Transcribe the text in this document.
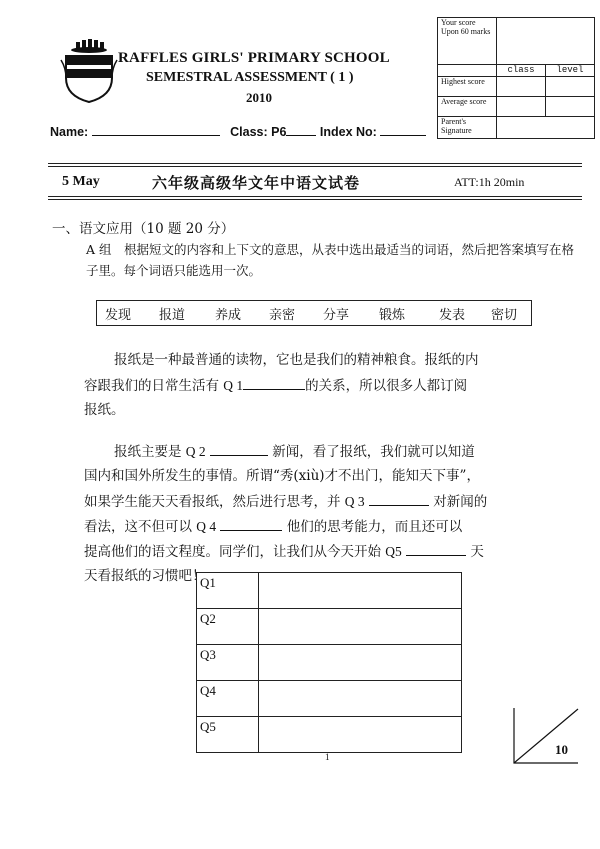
RAFFLES GIRLS' PRIMARY SCHOOL
SEMESTRAL ASSESSMENT ( 1 )
2010
Name:	Class: P6	Index No:
Your score Upon 60 marks		
	class	level
Highest score		
Average score		
Parent's Signature		
5 May	六年级高级华文年中语文试卷	ATT:1h 20min
一、语文应用（10 题 20 分）
A 组　根据短文的内容和上下文的意思，从表中选出最适当的词语，然后把答案填写在格子里。每个词语只能选用一次。
发现 报道 养成 亲密 分享 锻炼	发表 密切
报纸是一种最普通的读物，它也是我们的精神粮食。报纸的内
容跟我们的日常生活有 Q 1	的关系，所以很多人都订阅
报纸。
报纸主要是 Q 2	新闻，看了报纸，我们就可以知道
国内和国外所发生的事情。所谓“秀(xiù)才不出门，能知天下事”，
如果学生能天天看报纸，然后进行思考，并 Q 3	对新闻的
看法，这不但可以 Q 4	他们的思考能力，而且还可以
提高他们的语文程度。同学们，让我们从今天开始 Q5	天
天看报纸的习惯吧！
Q1	
Q2	
Q3	
Q4	
Q5	
1	10
